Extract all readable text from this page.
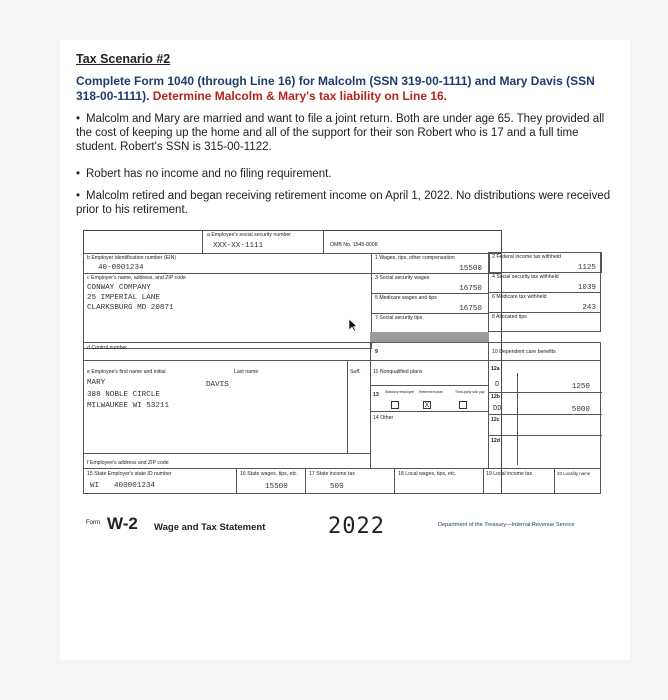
Tax Scenario #2
Complete Form 1040 (through Line 16) for Malcolm (SSN 319-00-1111) and Mary Davis (SSN
318-00-1111). Determine Malcolm & Mary's tax liability on Line 16.
• Malcolm and Mary are married and want to file a joint return. Both are under age 65. They provided all the cost of keeping up the home and all of the support for their son Robert who is 17 and a full time student. Robert's SSN is 315-00-1122.
• Robert has no income and no filing requirement.
• Malcolm retired and began receiving retirement income on April 1, 2022. No distributions were received prior to his retirement.
a Employee's social security number
XXX-XX-1111	OMB No. 1545-0008
b Employer identification number (EIN)
40-0001234
c Employer's name, address, and ZIP code
CONWAY COMPANY
25 IMPERIAL LANE
CLARKSBURG MD 20871
1 Wages, tips, other compensation
15500
3 Social security wages
16750
5 Medicare wages and tips
16750
7 Social security tips
2 Federal income tax withheld
1125
4 Social security tax withheld
1039
6 Medicare tax withheld
243
8 Allocated tips
d Control number
9	10 Dependent care benefits
e Employee's first name and initial	Last name
MARY	DAVIS
388 NOBLE CIRCLE
MILWAUKEE WI 53211
Suff. 11 Nonqualified plans
13 Statutory employee Retirement plan	Third-party sick pay
X
14 Other
12a
D	1250
12b
DD	5000
12c
12d
f Employee's address and ZIP code
15 State Employer's state ID number
WI 400001234
16 State wages, tips, etc.
15500
17 State income tax
500
18 Local wages, tips, etc.	19 Local income tax	20 Locality name
Form W-2 Wage and Tax Statement	2022	Department of the Treasury—Internal Revenue Service
